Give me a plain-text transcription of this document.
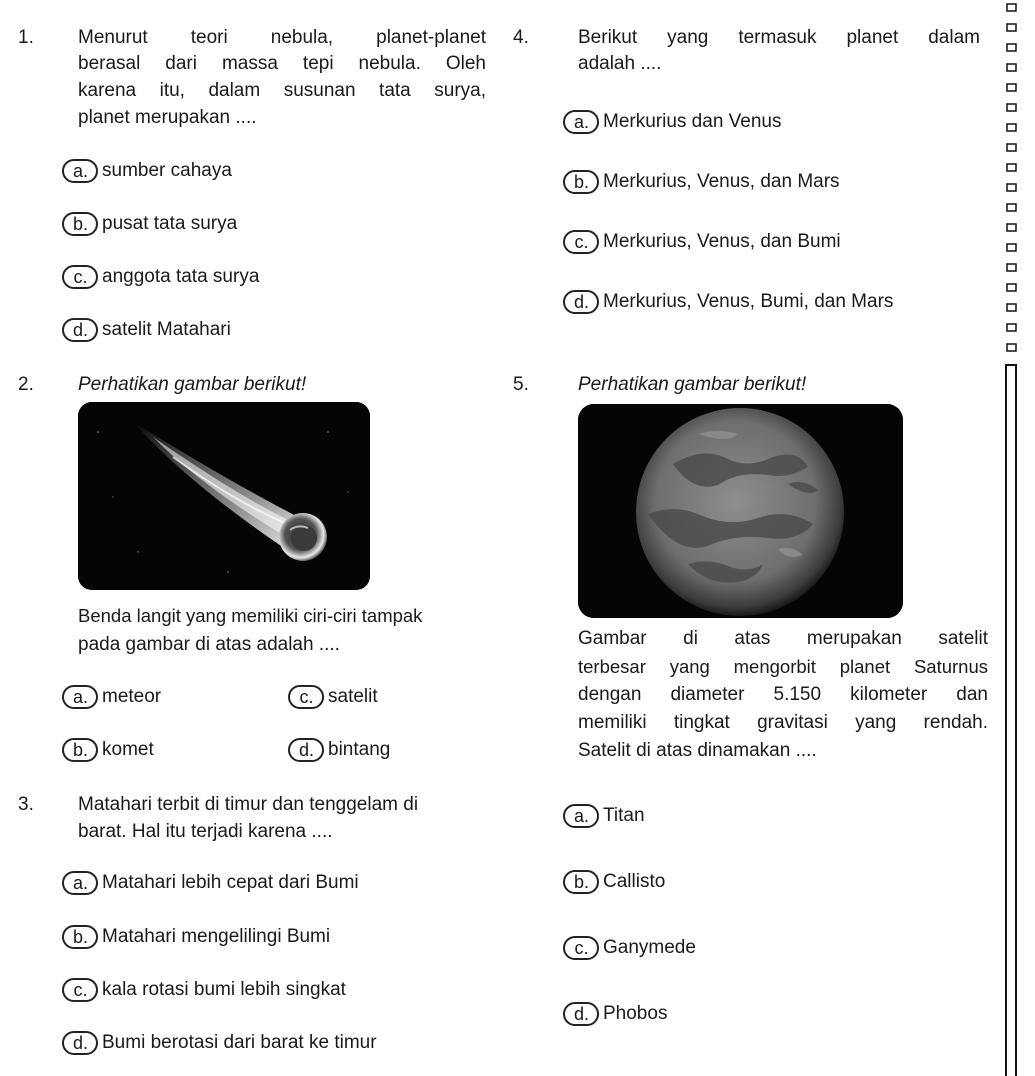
1. Menurut teori nebula, planet-planet
berasal dari massa tepi nebula. Oleh
karena itu, dalam susunan tata surya,
planet merupakan ....
a. sumber cahaya
b. pusat tata surya
c. anggota tata surya
d. satelit Matahari
2. Perhatikan gambar berikut!
Benda langit yang memiliki ciri-ciri tampak
pada gambar di atas adalah ....
a. meteor	c. satelit
b. komet	d. bintang
3. Matahari terbit di timur dan tenggelam di
barat. Hal itu terjadi karena ....
a. Matahari lebih cepat dari Bumi
b. Matahari mengelilingi Bumi
c. kala rotasi bumi lebih singkat
d. Bumi berotasi dari barat ke timur
4.	Berikut yang termasuk planet dalam
adalah ....
a. Merkurius dan Venus
b. Merkurius, Venus, dan Mars
c. Merkurius, Venus, dan Bumi
d. Merkurius, Venus, Bumi, dan Mars
5.	Perhatikan gambar berikut!
Gambar di atas merupakan satelit
terbesar yang mengorbit planet Saturnus
dengan diameter 5.150 kilometer dan
memiliki tingkat gravitasi yang rendah.
Satelit di atas dinamakan ....
a. Titan
b. Callisto
c. Ganymede
d. Phobos
